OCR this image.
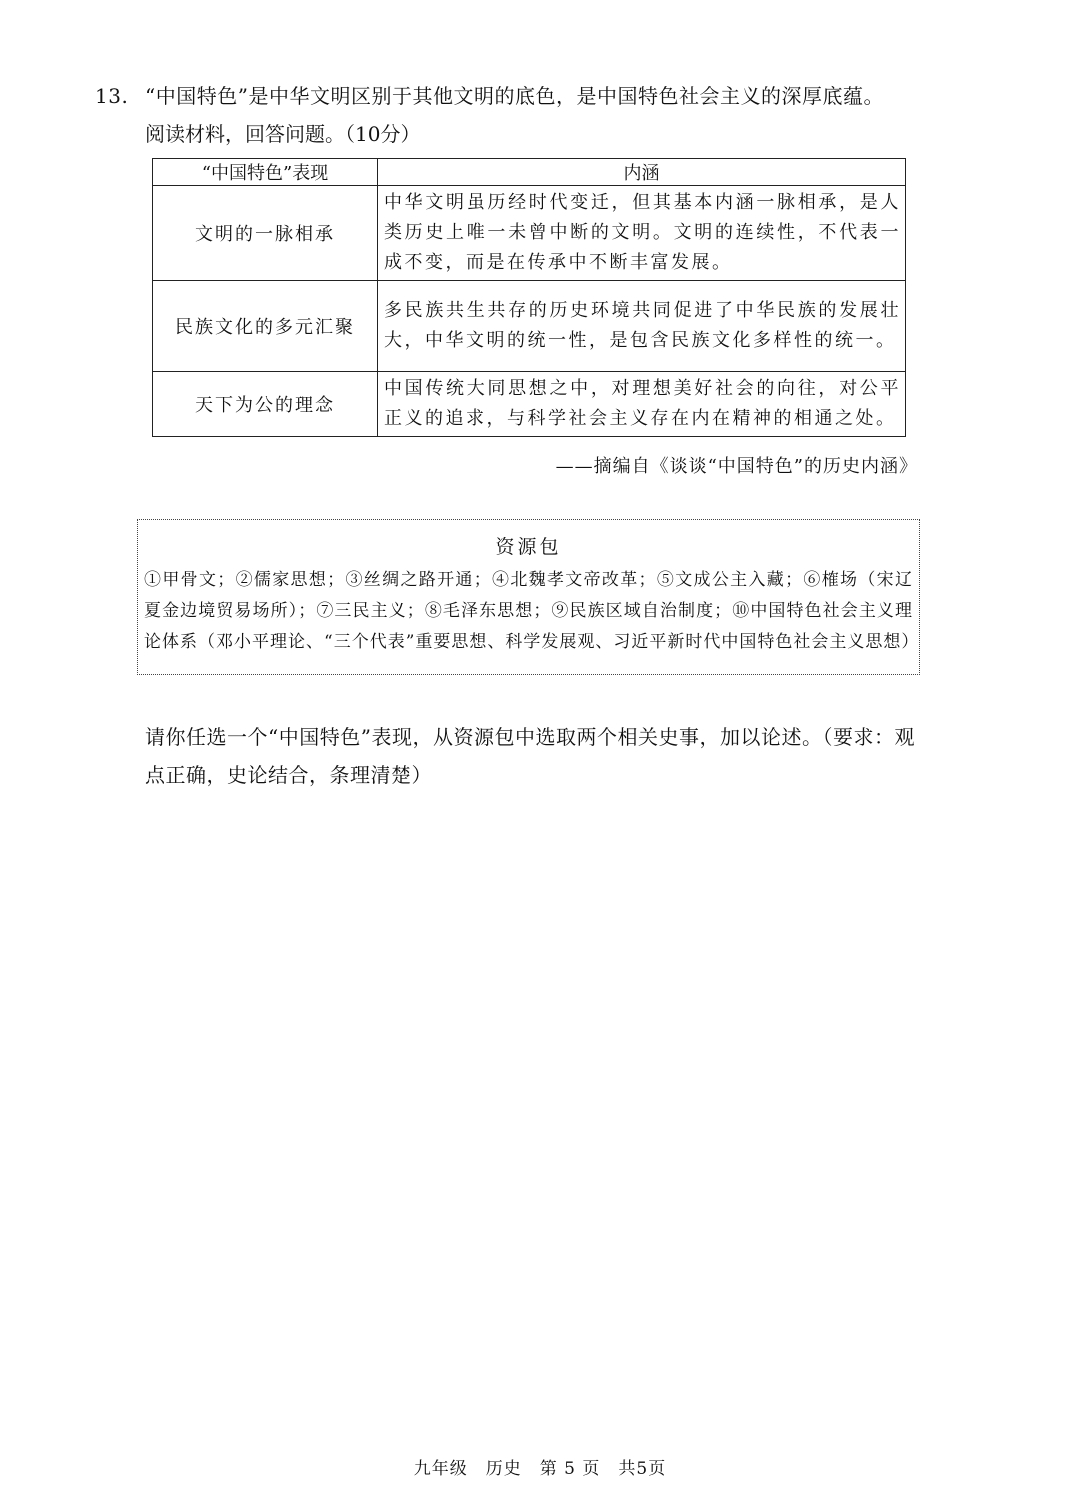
13. “中国特色”是中华文明区别于其他文明的底色，是中国特色社会主义的深厚底蕴。
阅读材料，回答问题。（10分）
“中国特色”表现	内涵
文明的一脉相承	中华文明虽历经时代变迁，但其基本内涵一脉相承，是人类历史上唯一未曾中断的文明。文明的连续性，不代表一成不变，而是在传承中不断丰富发展。
民族文化的多元汇聚	多民族共生共存的历史环境共同促进了中华民族的发展壮大，中华文明的统一性，是包含民族文化多样性的统一。
天下为公的理念	中国传统大同思想之中，对理想美好社会的向往，对公平正义的追求，与科学社会主义存在内在精神的相通之处。
——摘编自《谈谈“中国特色”的历史内涵》
资源包
①甲骨文；②儒家思想；③丝绸之路开通；④北魏孝文帝改革；⑤文成公主入藏；⑥榷场（宋辽夏金边境贸易场所）；⑦三民主义；⑧毛泽东思想；⑨民族区域自治制度；⑩中国特色社会主义理论体系（邓小平理论、“三个代表”重要思想、科学发展观、习近平新时代中国特色社会主义思想）
请你任选一个“中国特色”表现，从资源包中选取两个相关史事，加以论述。（要求：观点正确，史论结合，条理清楚）
九年级　历史　第 5 页　共5页
